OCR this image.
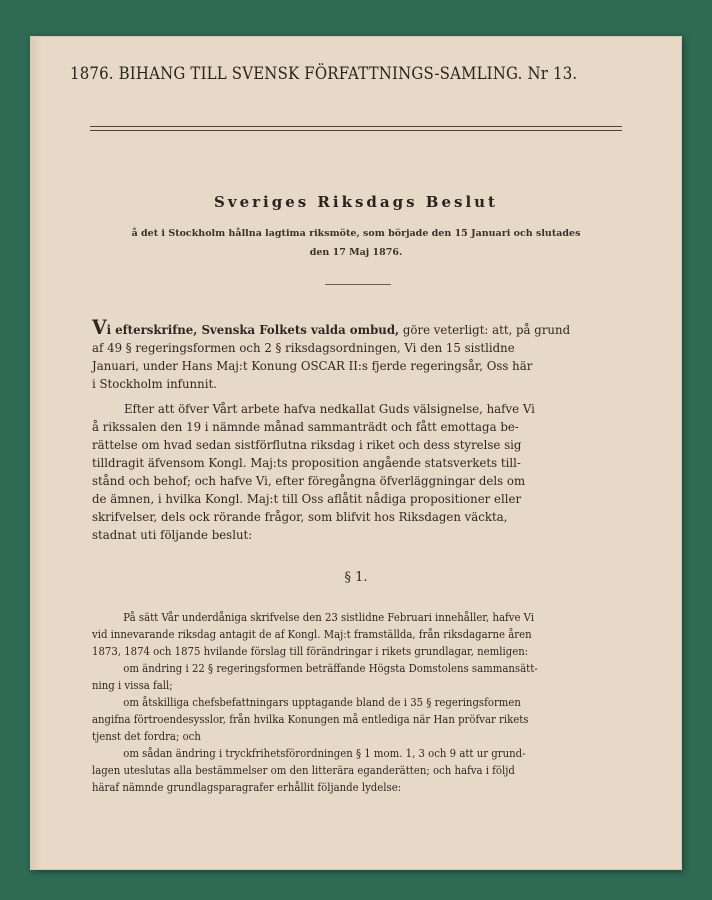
1876. BIHANG TILL SVENSK FÖRFATTNINGS-SAMLING. Nr 13.
Sveriges Riksdags Beslut
å det i Stockholm hållna lagtima riksmöte, som började den 15 Januari och slutades
den 17 Maj 1876.
Vi efterskrifne, Svenska Folkets valda ombud, göre veterligt: att, på grund
af 49 § regeringsformen och 2 § riksdagsordningen, Vi den 15 sistlidne
Januari, under Hans Maj:t Konung OSCAR II:s fjerde regeringsår, Oss här
i Stockholm infunnit.
Efter att öfver Vårt arbete hafva nedkallat Guds välsignelse, hafve Vi
å rikssalen den 19 i nämnde månad sammanträdt och fått emottaga be-
rättelse om hvad sedan sistförflutna riksdag i riket och dess styrelse sig
tilldragit äfvensom Kongl. Maj:ts proposition angående statsverkets till-
stånd och behof; och hafve Vi, efter föregångna öfverläggningar dels om
de ämnen, i hvilka Kongl. Maj:t till Oss aflåtit nådiga propositioner eller
skrifvelser, dels ock rörande frågor, som blifvit hos Riksdagen väckta,
stadnat uti följande beslut:
§ 1.
På sätt Vår underdåniga skrifvelse den 23 sistlidne Februari innehåller, hafve Vi
vid innevarande riksdag antagit de af Kongl. Maj:t framställda, från riksdagarne åren
1873, 1874 och 1875 hvilande förslag till förändringar i rikets grundlagar, nemligen:
om ändring i 22 § regeringsformen beträffande Högsta Domstolens sammansätt-
ning i vissa fall;
om åtskilliga chefsbefattningars upptagande bland de i 35 § regeringsformen
angifna förtroendesysslor, från hvilka Konungen må entlediga när Han pröfvar rikets
tjenst det fordra; och
om sådan ändring i tryckfrihetsförordningen § 1 mom. 1, 3 och 9 att ur grund-
lagen uteslutas alla bestämmelser om den litterära eganderätten; och hafva i följd
häraf nämnde grundlagsparagrafer erhållit följande lydelse:
